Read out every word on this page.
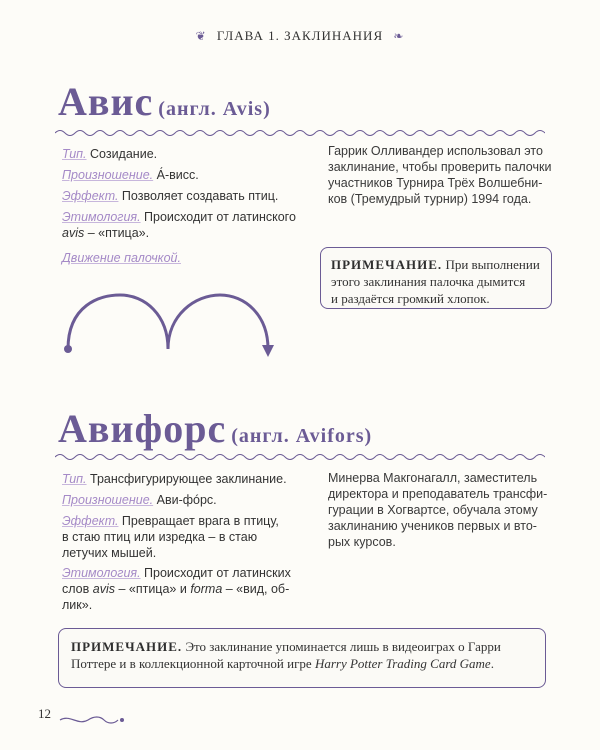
❦ ГЛАВА 1. ЗАКЛИНАНИЯ ❧
Авис (англ. Avis)
Тип. Созидание.
Произношение. А́-висс.
Эффект. Позволяет создавать птиц.
Этимология. Происходит от латинского
avis – «птица».
Движение палочкой.
Гаррик Олливандер использовал это
заклинание, чтобы проверить палочки
участников Турнира Трёх Волшебни-
ков (Тремудрый турнир) 1994 года.
ПРИМЕЧАНИЕ. При выполнении
этого заклинания палочка дымится
и раздаётся громкий хлопок.
Авифорс (англ. Avifors)
Тип. Трансфигурирующее заклинание.
Произношение. Ави-фóрс.
Эффект. Превращает врага в птицу,
в стаю птиц или изредка – в стаю
летучих мышей.
Этимология. Происходит от латинских
слов avis – «птица» и forma – «вид, об-
лик».
Минерва Макгонагалл, заместитель
директора и преподаватель трансфи-
гурации в Хогвартсе, обучала этому
заклинанию учеников первых и вто-
рых курсов.
ПРИМЕЧАНИЕ. Это заклинание упоминается лишь в видеоиграх о Гарри
Поттере и в коллекционной карточной игре Harry Potter Trading Card Game.
12
